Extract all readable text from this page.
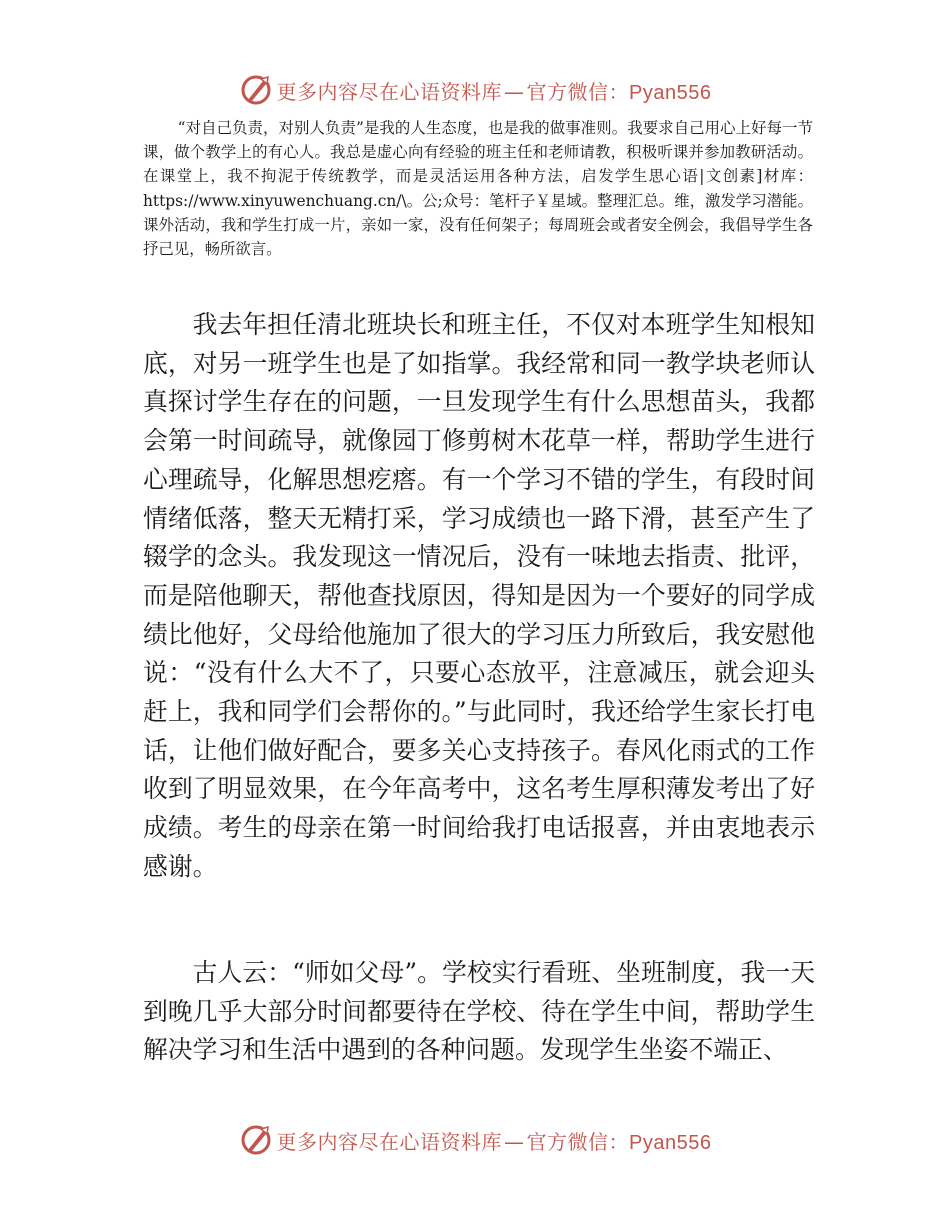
更多内容尽在心语资料库 — 官方微信：Pyan556

“对自己负责，对别人负责”是我的人生态度，也是我的做事准则。我要求自己用心上好每一节课，做个教学上的有心人。我总是虚心向有经验的班主任和老师请教，积极听课并参加教研活动。在课堂上，我不拘泥于传统教学，而是灵活运用各种方法，启发学生思心语|文创素]材库：https://www.xinyuwenchuang.cn/\。公;众号：笔杆子￥星域。整理汇总。维，激发学习潜能。课外活动，我和学生打成一片，亲如一家，没有任何架子；每周班会或者安全例会，我倡导学生各抒己见，畅所欲言。

我去年担任清北班块长和班主任，不仅对本班学生知根知底，对另一班学生也是了如指掌。我经常和同一教学块老师认真探讨学生存在的问题，一旦发现学生有什么思想苗头，我都会第一时间疏导，就像园丁修剪树木花草一样，帮助学生进行心理疏导，化解思想疙瘩。有一个学习不错的学生，有段时间情绪低落，整天无精打采，学习成绩也一路下滑，甚至产生了辍学的念头。我发现这一情况后，没有一味地去指责、批评，而是陪他聊天，帮他查找原因，得知是因为一个要好的同学成绩比他好，父母给他施加了很大的学习压力所致后，我安慰他说：“没有什么大不了，只要心态放平，注意减压，就会迎头赶上，我和同学们会帮你的。”与此同时，我还给学生家长打电话，让他们做好配合，要多关心支持孩子。春风化雨式的工作收到了明显效果，在今年高考中，这名考生厚积薄发考出了好成绩。考生的母亲在第一时间给我打电话报喜，并由衷地表示感谢。

古人云：“师如父母”。学校实行看班、坐班制度，我一天到晚几乎大部分时间都要待在学校、待在学生中间，帮助学生解决学习和生活中遇到的各种问题。发现学生坐姿不端正、

更多内容尽在心语资料库 — 官方微信：Pyan556
